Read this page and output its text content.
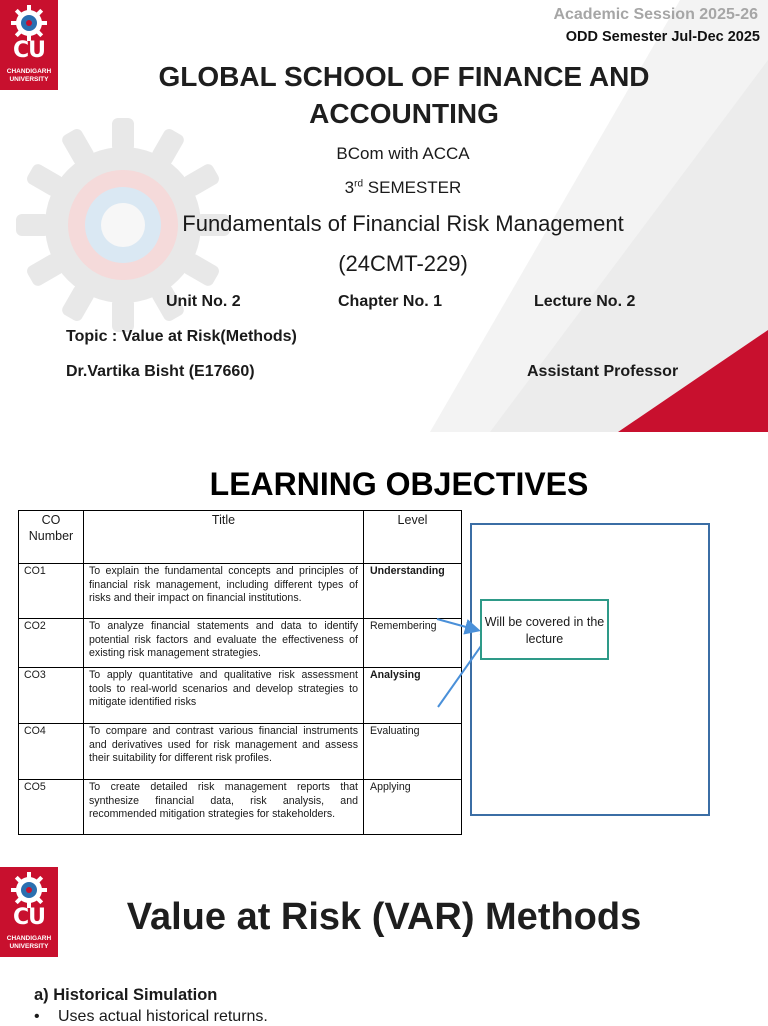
CU
CHANDIGARH UNIVERSITY
Academic Session 2025-26
ODD Semester Jul-Dec 2025
GLOBAL SCHOOL OF FINANCE AND ACCOUNTING
BCom with ACCA
3rd SEMESTER
Fundamentals of Financial Risk Management
(24CMT-229)
Unit No. 2	Chapter No. 1	Lecture No. 2
Topic : Value at Risk(Methods)
Dr.Vartika Bisht (E17660)	Assistant Professor
LEARNING OBJECTIVES
CO Number	Title	Level
CO1	To explain the fundamental concepts and principles of financial risk management, including different types of risks and their impact on financial institutions.	Understanding
CO2	To analyze financial statements and data to identify potential risk factors and evaluate the effectiveness of existing risk management strategies.	Remembering
CO3	To apply quantitative and qualitative risk assessment tools to real-world scenarios and develop strategies to mitigate identified risks	Analysing
CO4	To compare and contrast various financial instruments and derivatives used for risk management and assess their suitability for different risk profiles.	Evaluating
CO5	To create detailed risk management reports that synthesize financial data, risk analysis, and recommended mitigation strategies for stakeholders.	Applying
Will be covered in the lecture
CU
CHANDIGARH UNIVERSITY
Value at Risk (VAR) Methods
a) Historical Simulation
• Uses actual historical returns.
